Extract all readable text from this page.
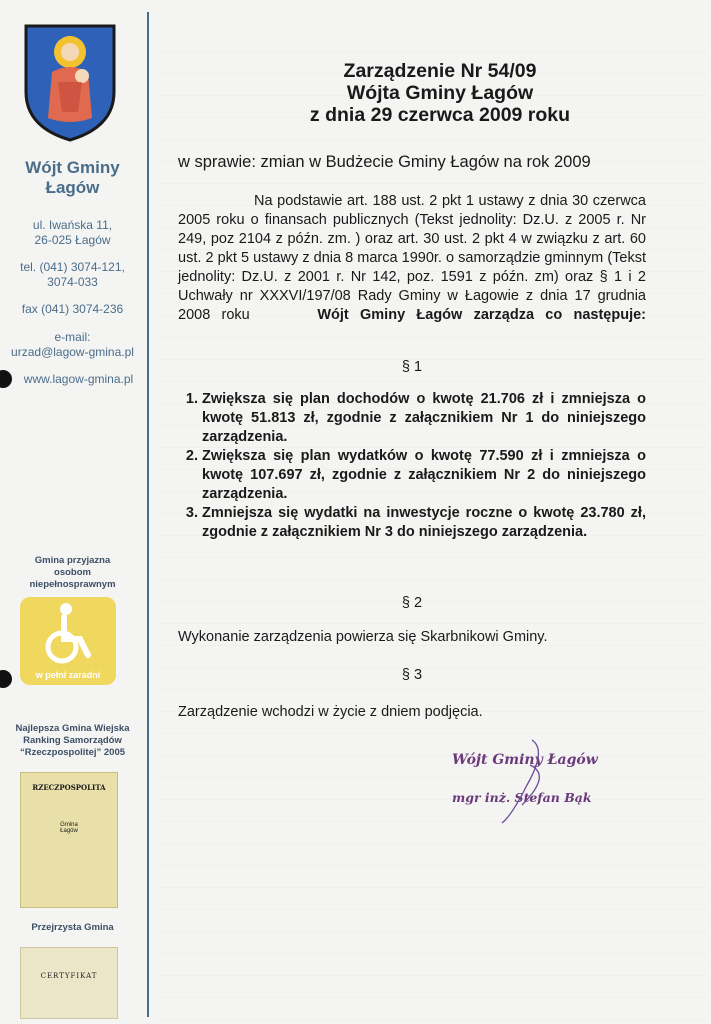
Wójt Gminy
Łagów
ul. Iwańska 11,
26-025 Łagów
tel. (041) 3074-121,
3074-033
fax (041) 3074-236
e-mail:
urzad@lagow-gmina.pl
www.lagow-gmina.pl
Gmina przyjazna
osobom
niepełnosprawnym
w pełni zaradni
Najlepsza Gmina Wiejska
Ranking Samorządów
“Rzeczpospolitej” 2005
RZECZPOSPOLITA
Gmina
Łagów
Przejrzysta Gmina
CERTYFIKAT
Zarządzenie Nr 54/09
Wójta Gminy Łagów
z dnia 29 czerwca 2009 roku
w sprawie: zmian w Budżecie Gminy Łagów na rok 2009
Na podstawie art. 188 ust. 2 pkt 1 ustawy z dnia 30 czerwca 2005 roku o finansach publicznych (Tekst jednolity: Dz.U. z 2005 r. Nr 249, poz 2104 z późn. zm. ) oraz art. 30 ust. 2 pkt 4 w związku z art. 60 ust. 2 pkt 5 ustawy z dnia 8 marca 1990r. o samorządzie gminnym (Tekst jednolity: Dz.U. z 2001 r. Nr 142, poz. 1591 z późn. zm) oraz § 1 i 2 Uchwały nr XXXVI/197/08 Rady Gminy w Łagowie z dnia 17 grudnia 2008 roku	Wójt Gminy Łagów zarządza co następuje:
§ 1
1. Zwiększa się plan dochodów o kwotę 21.706 zł i zmniejsza o kwotę 51.813 zł, zgodnie z załącznikiem Nr 1 do niniejszego zarządzenia.
2. Zwiększa się plan wydatków o kwotę 77.590 zł i zmniejsza o kwotę 107.697 zł, zgodnie z załącznikiem Nr 2 do niniejszego zarządzenia.
3. Zmniejsza się wydatki na inwestycje roczne o kwotę 23.780 zł, zgodnie z załącznikiem Nr 3 do niniejszego zarządzenia.
§ 2
Wykonanie zarządzenia powierza się Skarbnikowi Gminy.
§ 3
Zarządzenie wchodzi w życie z dniem podjęcia.
Wójt Gminy Łagów
mgr inż. Stefan Bąk
